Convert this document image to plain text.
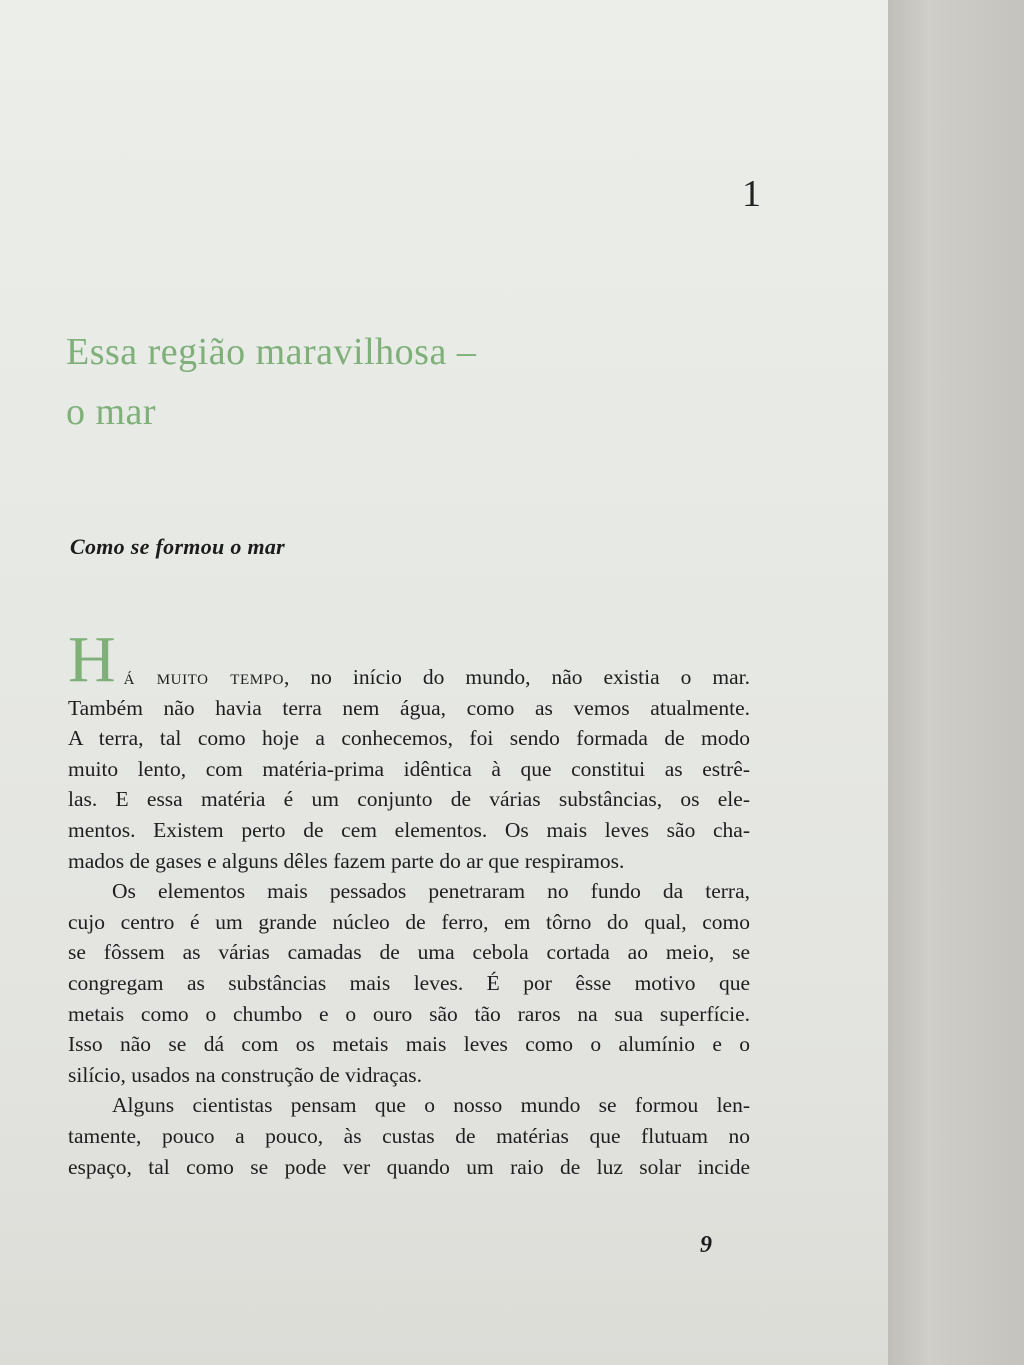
1
Essa região maravilhosa –
o mar
Como se formou o mar

H á muito tempo, no início do mundo, não existia o mar.
Também não havia terra nem água, como as vemos atualmente.
A terra, tal como hoje a conhecemos, foi sendo formada de modo
muito lento, com matéria-prima idêntica à que constitui as estrê-
las. E essa matéria é um conjunto de várias substâncias, os ele-
mentos. Existem perto de cem elementos. Os mais leves são cha-
mados de gases e alguns dêles fazem parte do ar que respiramos.

Os elementos mais pessados penetraram no fundo da terra,
cujo centro é um grande núcleo de ferro, em tôrno do qual, como
se fôssem as várias camadas de uma cebola cortada ao meio, se
congregam as substâncias mais leves. É por êsse motivo que
metais como o chumbo e o ouro são tão raros na sua superfície.
Isso não se dá com os metais mais leves como o alumínio e o
silício, usados na construção de vidraças.

Alguns cientistas pensam que o nosso mundo se formou len-
tamente, pouco a pouco, às custas de matérias que flutuam no
espaço, tal como se pode ver quando um raio de luz solar incide

9
